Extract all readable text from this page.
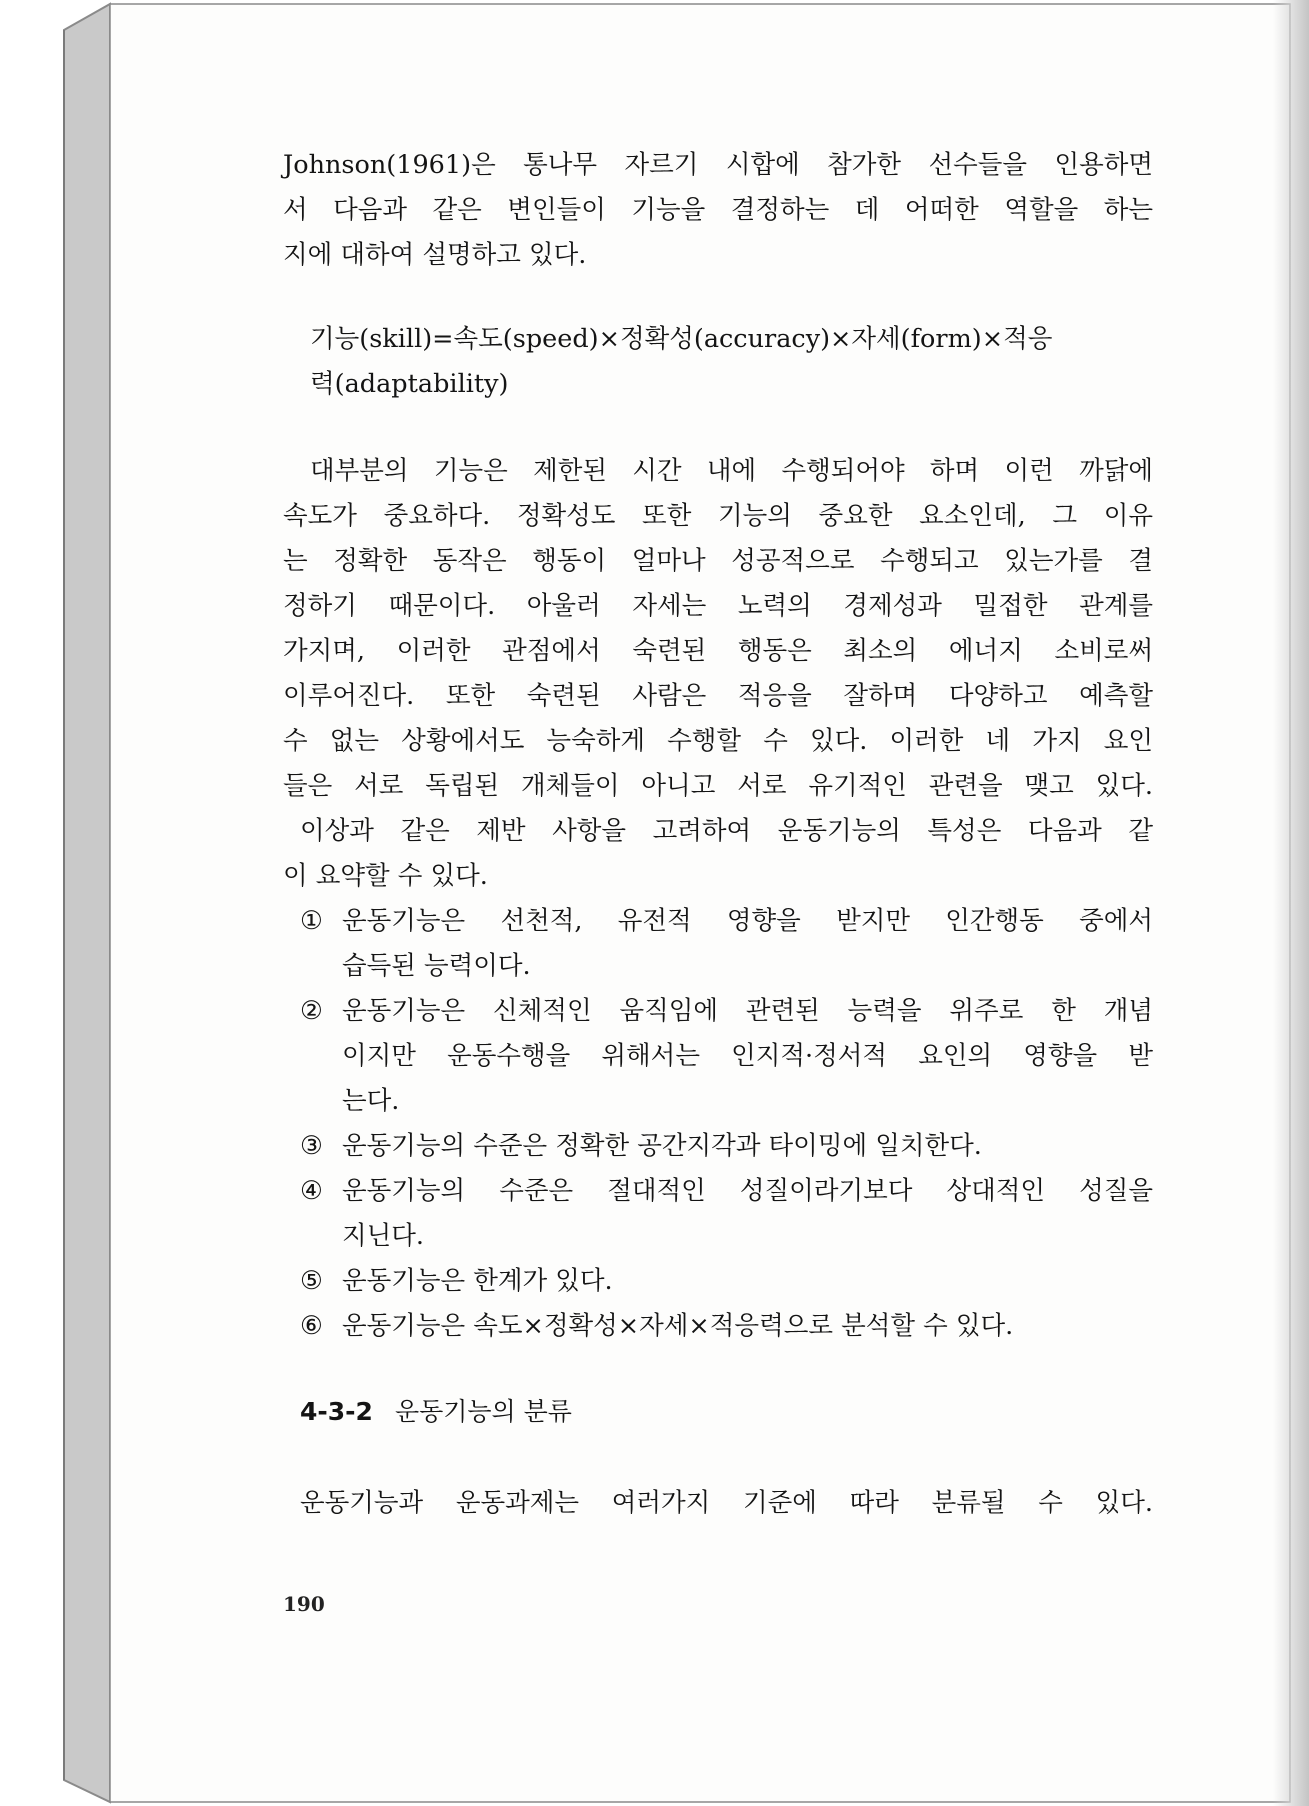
Johnson(1961)은 통나무 자르기 시합에 참가한 선수들을 인용하면
서 다음과 같은 변인들이 기능을 결정하는 데 어떠한 역할을 하는
지에 대하여 설명하고 있다.
기능(skill)=속도(speed)×정확성(accuracy)×자세(form)×적응
력(adaptability)
대부분의 기능은 제한된 시간 내에 수행되어야 하며 이런 까닭에
속도가 중요하다. 정확성도 또한 기능의 중요한 요소인데, 그 이유
는 정확한 동작은 행동이 얼마나 성공적으로 수행되고 있는가를 결
정하기 때문이다. 아울러 자세는 노력의 경제성과 밀접한 관계를
가지며, 이러한 관점에서 숙련된 행동은 최소의 에너지 소비로써
이루어진다. 또한 숙련된 사람은 적응을 잘하며 다양하고 예측할
수 없는 상황에서도 능숙하게 수행할 수 있다. 이러한 네 가지 요인
들은 서로 독립된 개체들이 아니고 서로 유기적인 관련을 맺고 있다.
이상과 같은 제반 사항을 고려하여 운동기능의 특성은 다음과 같
이 요약할 수 있다.
① 운동기능은 선천적, 유전적 영향을 받지만 인간행동 중에서
습득된 능력이다.
② 운동기능은 신체적인 움직임에 관련된 능력을 위주로 한 개념
이지만 운동수행을 위해서는 인지적·정서적 요인의 영향을 받
는다.
③ 운동기능의 수준은 정확한 공간지각과 타이밍에 일치한다.
④ 운동기능의 수준은 절대적인 성질이라기보다 상대적인 성질을
지닌다.
⑤ 운동기능은 한계가 있다.
⑥ 운동기능은 속도×정확성×자세×적응력으로 분석할 수 있다.
4-3-2 운동기능의 분류
운동기능과 운동과제는 여러가지 기준에 따라 분류될 수 있다.
190
